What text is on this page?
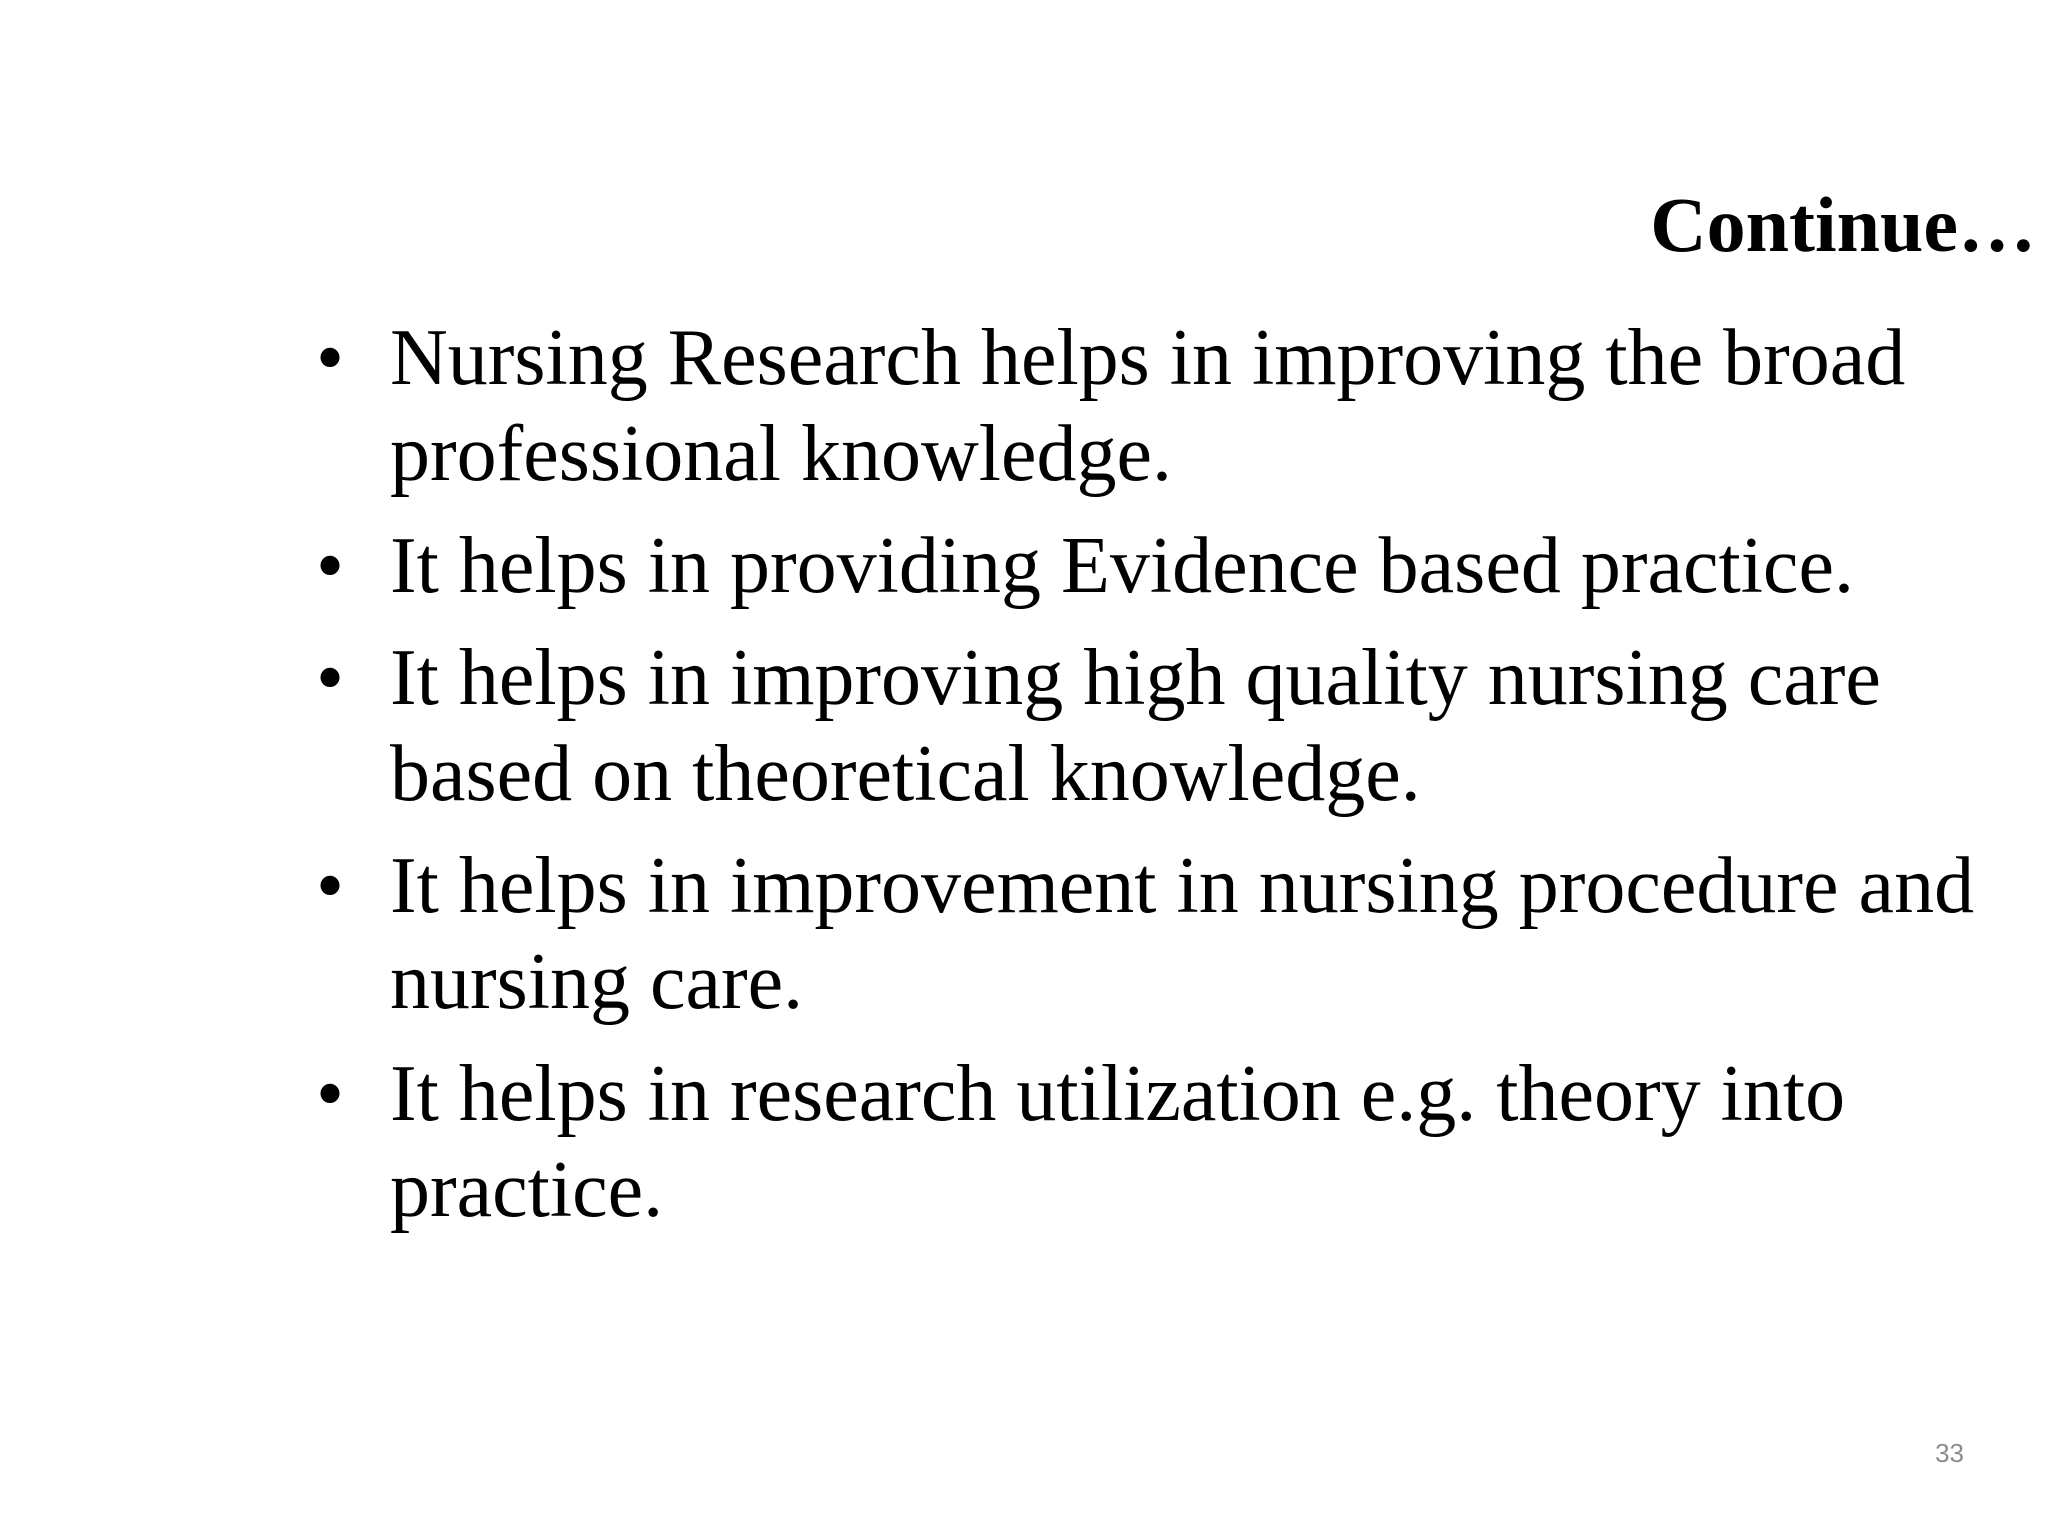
Continue…
• Nursing Research helps in improving the broad professional knowledge.
• It helps in providing Evidence based practice.
• It helps in improving high quality nursing care based on theoretical knowledge.
• It helps in improvement in nursing procedure and nursing care.
• It helps in research utilization e.g. theory into practice.
33
